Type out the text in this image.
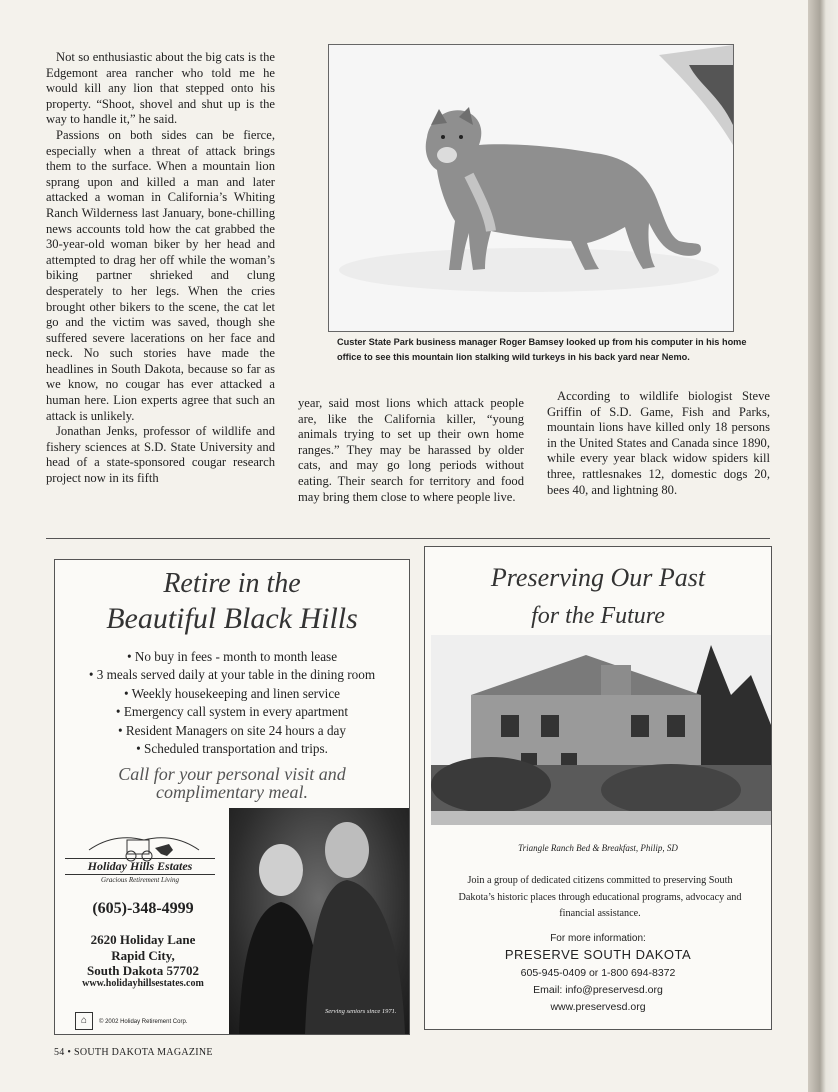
Not so enthusiastic about the big cats is the Edgemont area rancher who told me he would kill any lion that stepped onto his property. “Shoot, shovel and shut up is the way to handle it,” he said.

Passions on both sides can be fierce, especially when a threat of attack brings them to the surface. When a mountain lion sprang upon and killed a man and later attacked a woman in California’s Whiting Ranch Wilderness last January, bone-chilling news accounts told how the cat grabbed the 30-year-old woman biker by her head and attempted to drag her off while the woman’s biking partner shrieked and clung desperately to her legs. When the cries brought other bikers to the scene, the cat let go and the victim was saved, though she suffered severe lacerations on her face and neck. No such stories have made the headlines in South Dakota, because so far as we know, no cougar has ever attacked a human here. Lion experts agree that such an attack is unlikely.

Jonathan Jenks, professor of wildlife and fishery sciences at S.D. State University and head of a state-sponsored cougar research project now in its fifth

Custer State Park business manager Roger Bamsey looked up from his computer in his home office to see this mountain lion stalking wild turkeys in his back yard near Nemo.

year, said most lions which attack people are, like the California killer, “young animals trying to set up their own home ranges.” They may be harassed by older cats, and may go long periods without eating. Their search for territory and food may bring them close to where people live.

According to wildlife biologist Steve Griffin of S.D. Game, Fish and Parks, mountain lions have killed only 18 persons in the United States and Canada since 1890, while every year black widow spiders kill three, rattlesnakes 12, domestic dogs 20, bees 40, and lightning 80.

Retire in the
Beautiful Black Hills
• No buy in fees - month to month lease
• 3 meals served daily at your table in the dining room
• Weekly housekeeping and linen service
• Emergency call system in every apartment
• Resident Managers on site 24 hours a day
• Scheduled transportation and trips.
Call for your personal visit and
complimentary meal.
Holiday Hills Estates
Gracious Retirement Living
(605)-348-4999
2620 Holiday Lane
Rapid City,
South Dakota 57702
www.holidayhillsestates.com
Serving seniors since 1971.
⌂	© 2002 Holiday Retirement Corp.
Preserving Our Past
for the Future
Triangle Ranch Bed & Breakfast, Philip, SD
Join a group of dedicated citizens committed to preserving South Dakota’s historic places through educational programs, advocacy and financial assistance.
For more information:
PRESERVE SOUTH DAKOTA
605-945-0409 or 1-800 694-8372
Email: info@preservesd.org
www.preservesd.org
54 • SOUTH DAKOTA MAGAZINE
